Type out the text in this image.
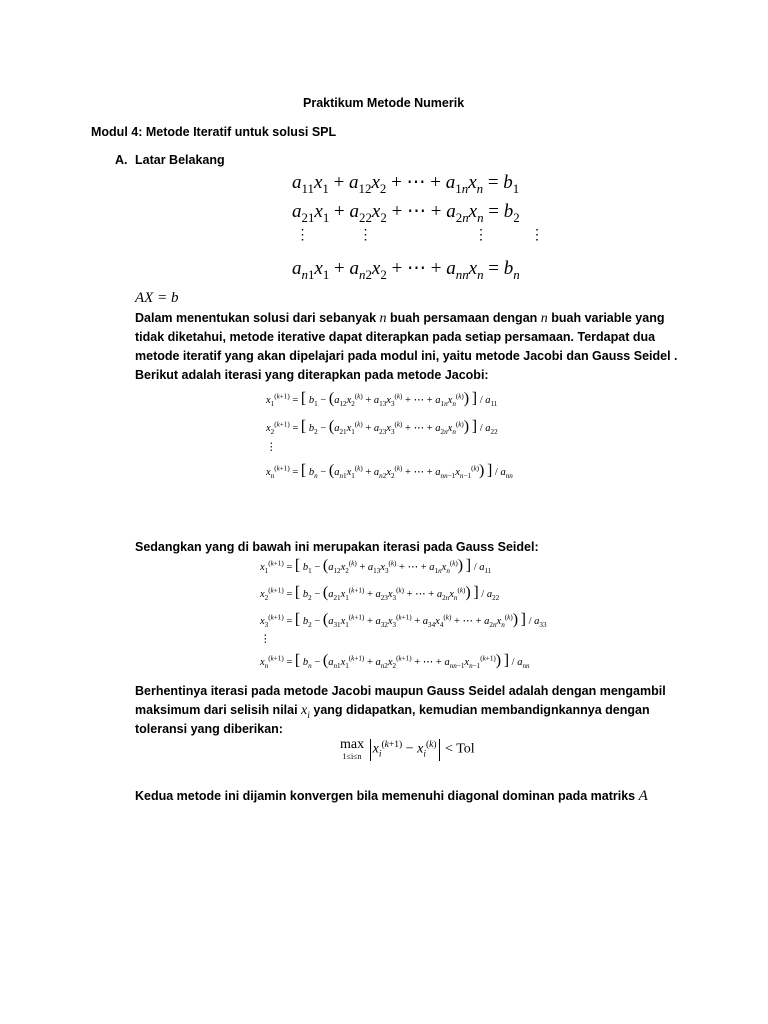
Praktikum Metode Numerik
Modul 4: Metode Iteratif untuk solusi SPL
A. Latar Belakang
$a_{11}x_1 + a_{12}x_2$ + ⋯ + $a_{1n}x_n = b_1$
$a_{21}x_1 + a_{22}x_2$ + ⋯ + $a_{2n}x_n = b_2$
⋮              ⋮                             ⋮            ⋮
$a_{n1}x_1 + a_{n2}x_2$ + ⋯ + $a_{nn}x_n = b_n$
AX = b
Dalam menentukan solusi dari sebanyak n buah persamaan dengan n buah variable yang tidak diketahui, metode iterative dapat diterapkan pada setiap persamaan. Terdapat dua metode iteratif yang akan dipelajari pada modul ini, yaitu metode Jacobi dan Gauss Seidel . Berikut adalah iterasi yang diterapkan pada metode Jacobi:
$x_1^{(k+1)}$ = [ $b_1 - (a_{12}x_2^{(k)} + a_{13}x_3^{(k)}$ + ⋯ + $a_{1n}x_n^{(k)}$) ] / $a_{11}$
$x_2^{(k+1)}$ = [ $b_2 - (a_{21}x_1^{(k)} + a_{23}x_3^{(k)}$ + ⋯ + $a_{2n}x_n^{(k)}$) ] / $a_{22}$
⋮
$x_n^{(k+1)}$ = [ $b_n - (a_{n1}x_1^{(k)} + a_{n2}x_2^{(k)}$ + ⋯ + $a_{nn-1}x_{n-1}^{(k)}$) ] / $a_{nn}$
Sedangkan yang di bawah ini merupakan iterasi pada Gauss Seidel:
$x_1^{(k+1)}$ = [ $b_1 - (a_{12}x_2^{(k)} + a_{13}x_3^{(k)}$ + ⋯ + $a_{1n}x_n^{(k)}$) ] / $a_{11}$
$x_2^{(k+1)}$ = [ $b_2 - (a_{21}x_1^{(k+1)} + a_{23}x_3^{(k)}$ + ⋯ + $a_{2n}x_n^{(k)}$) ] / $a_{22}$
$x_3^{(k+1)}$ = [ $b_2 - (a_{31}x_1^{(k+1)} + a_{32}x_3^{(k+1)} + a_{34}x_4^{(k)}$ + ⋯ + $a_{2n}x_n^{(k)}$) ] / $a_{33}$
⋮
$x_n^{(k+1)}$ = [ $b_n - (a_{n1}x_1^{(k+1)} + a_{n2}x_2^{(k+1)}$ + ⋯ + $a_{nn-1}x_{n-1}^{(k+1)}$) ] / $a_{nn}$
Berhentinya iterasi pada metode Jacobi maupun Gauss Seidel adalah dengan mengambil maksimum dari selisih nilai $x_i$ yang didapatkan, kemudian membandignkannya dengan toleransi yang diberikan:
max
1≤i≤n $x_i^{(k+1)} - x_i^{(k)}$ < Tol
Kedua metode ini dijamin konvergen bila memenuhi diagonal dominan pada matriks A
